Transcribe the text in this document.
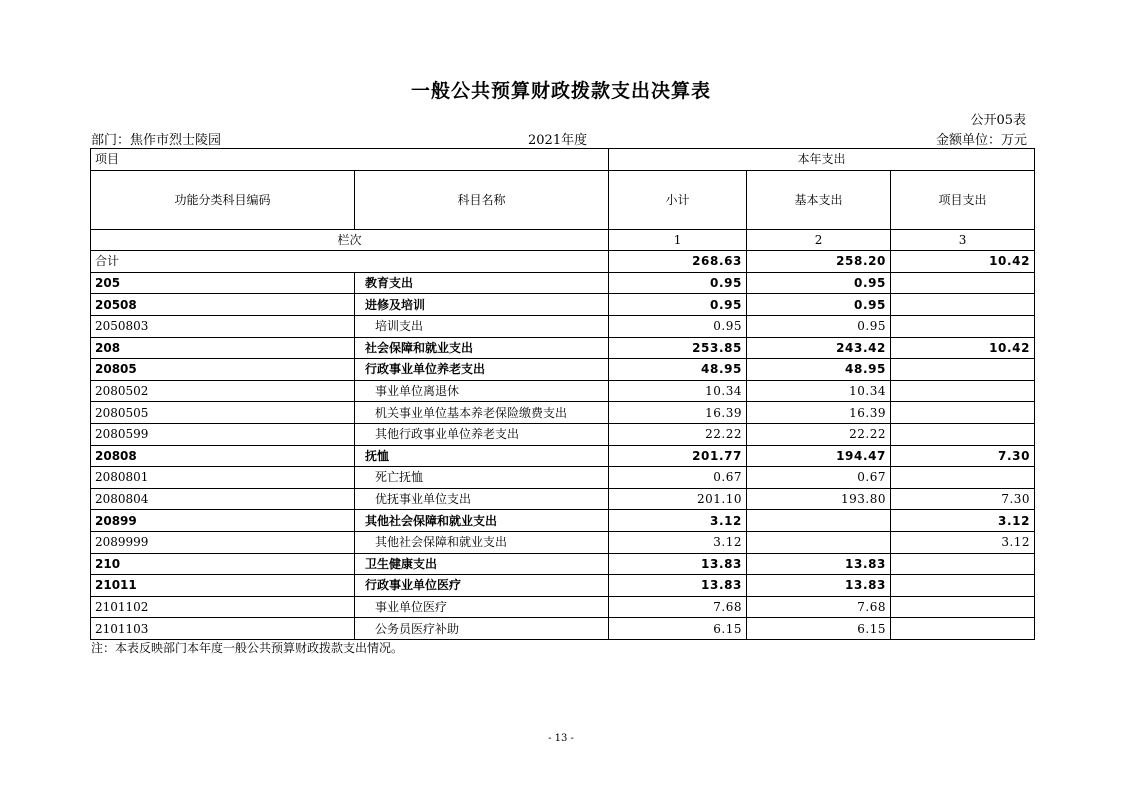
一般公共预算财政拨款支出决算表
公开05表
部门：焦作市烈士陵园	2021年度	金额单位：万元
项目		本年支出		
功能分类科目编码	科目名称	小计	基本支出	项目支出
栏次		1	2	3
合计		268.63	258.20	10.42
205	教育支出	0.95	0.95	
20508	进修及培训	0.95	0.95	
2050803	培训支出	0.95	0.95	
208	社会保障和就业支出	253.85	243.42	10.42
20805	行政事业单位养老支出	48.95	48.95	
2080502	事业单位离退休	10.34	10.34	
2080505	机关事业单位基本养老保险缴费支出	16.39	16.39	
2080599	其他行政事业单位养老支出	22.22	22.22	
20808	抚恤	201.77	194.47	7.30
2080801	死亡抚恤	0.67	0.67	
2080804	优抚事业单位支出	201.10	193.80	7.30
20899	其他社会保障和就业支出	3.12		3.12
2089999	其他社会保障和就业支出	3.12		3.12
210	卫生健康支出	13.83	13.83	
21011	行政事业单位医疗	13.83	13.83	
2101102	事业单位医疗	7.68	7.68	
2101103	公务员医疗补助	6.15	6.15	
注：本表反映部门本年度一般公共预算财政拨款支出情况。
- 13 -
